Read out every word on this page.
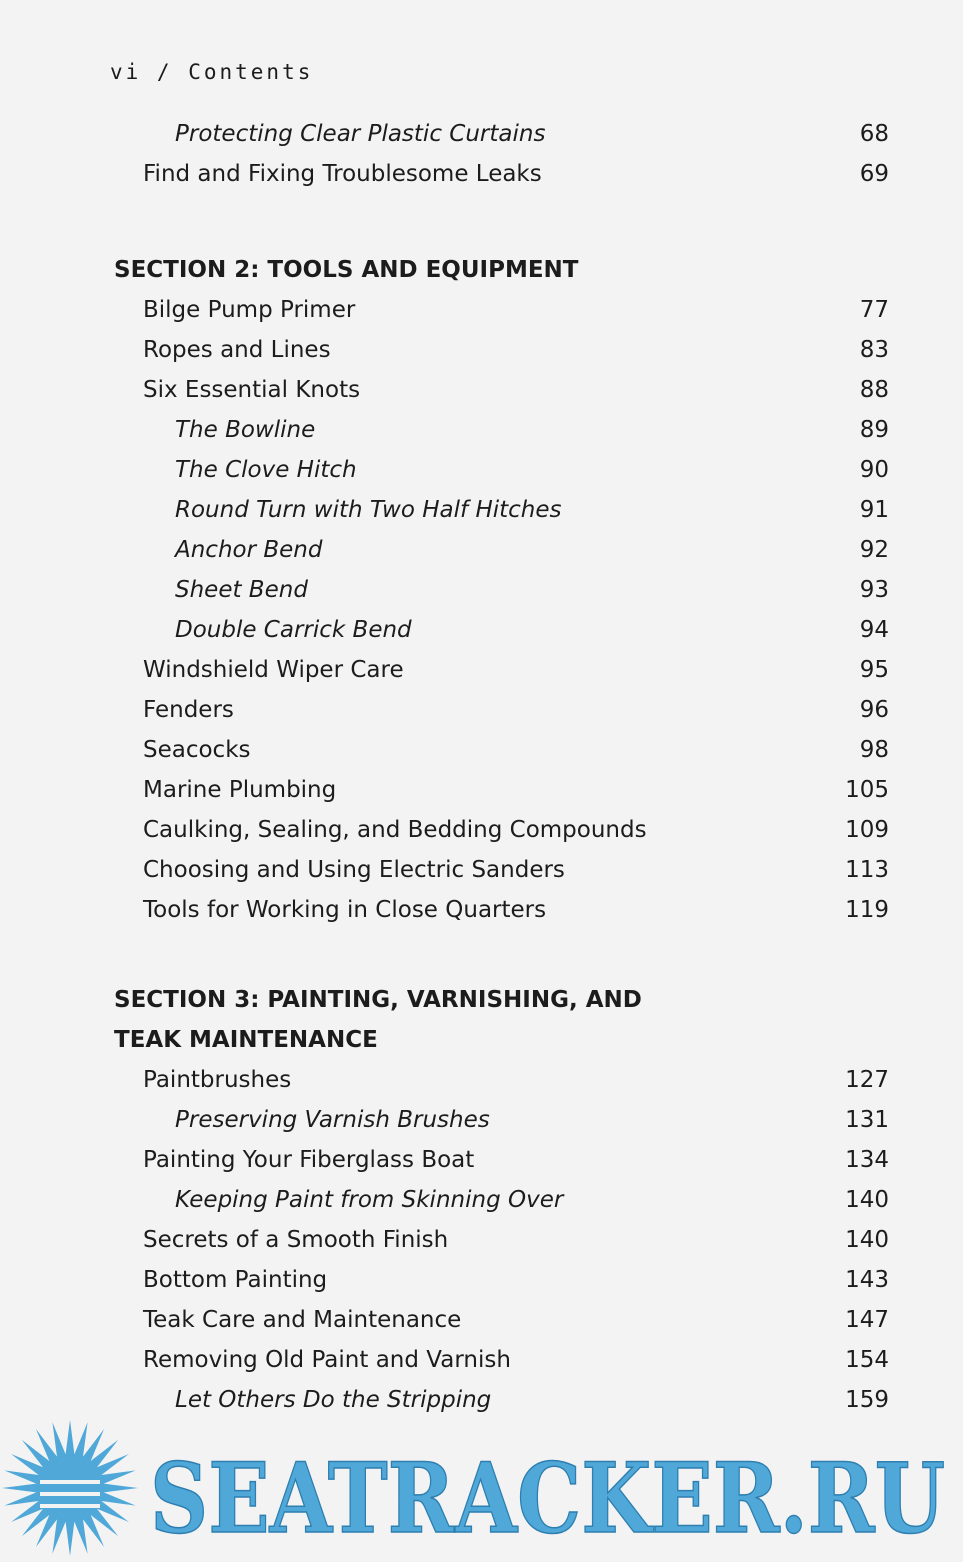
vi / Contents
Protecting Clear Plastic Curtains	68
Find and Fixing Troublesome Leaks	69
SECTION 2: TOOLS AND EQUIPMENT
Bilge Pump Primer	77
Ropes and Lines	83
Six Essential Knots	88
The Bowline	89
The Clove Hitch	90
Round Turn with Two Half Hitches	91
Anchor Bend	92
Sheet Bend	93
Double Carrick Bend	94
Windshield Wiper Care	95
Fenders	96
Seacocks	98
Marine Plumbing	105
Caulking, Sealing, and Bedding Compounds	109
Choosing and Using Electric Sanders	113
Tools for Working in Close Quarters	119
SECTION 3: PAINTING, VARNISHING, AND
TEAK MAINTENANCE
Paintbrushes	127
Preserving Varnish Brushes	131
Painting Your Fiberglass Boat	134
Keeping Paint from Skinning Over	140
Secrets of a Smooth Finish	140
Bottom Painting	143
Teak Care and Maintenance	147
Removing Old Paint and Varnish	154
Let Others Do the Stripping	159
SEATRACKER.RU
